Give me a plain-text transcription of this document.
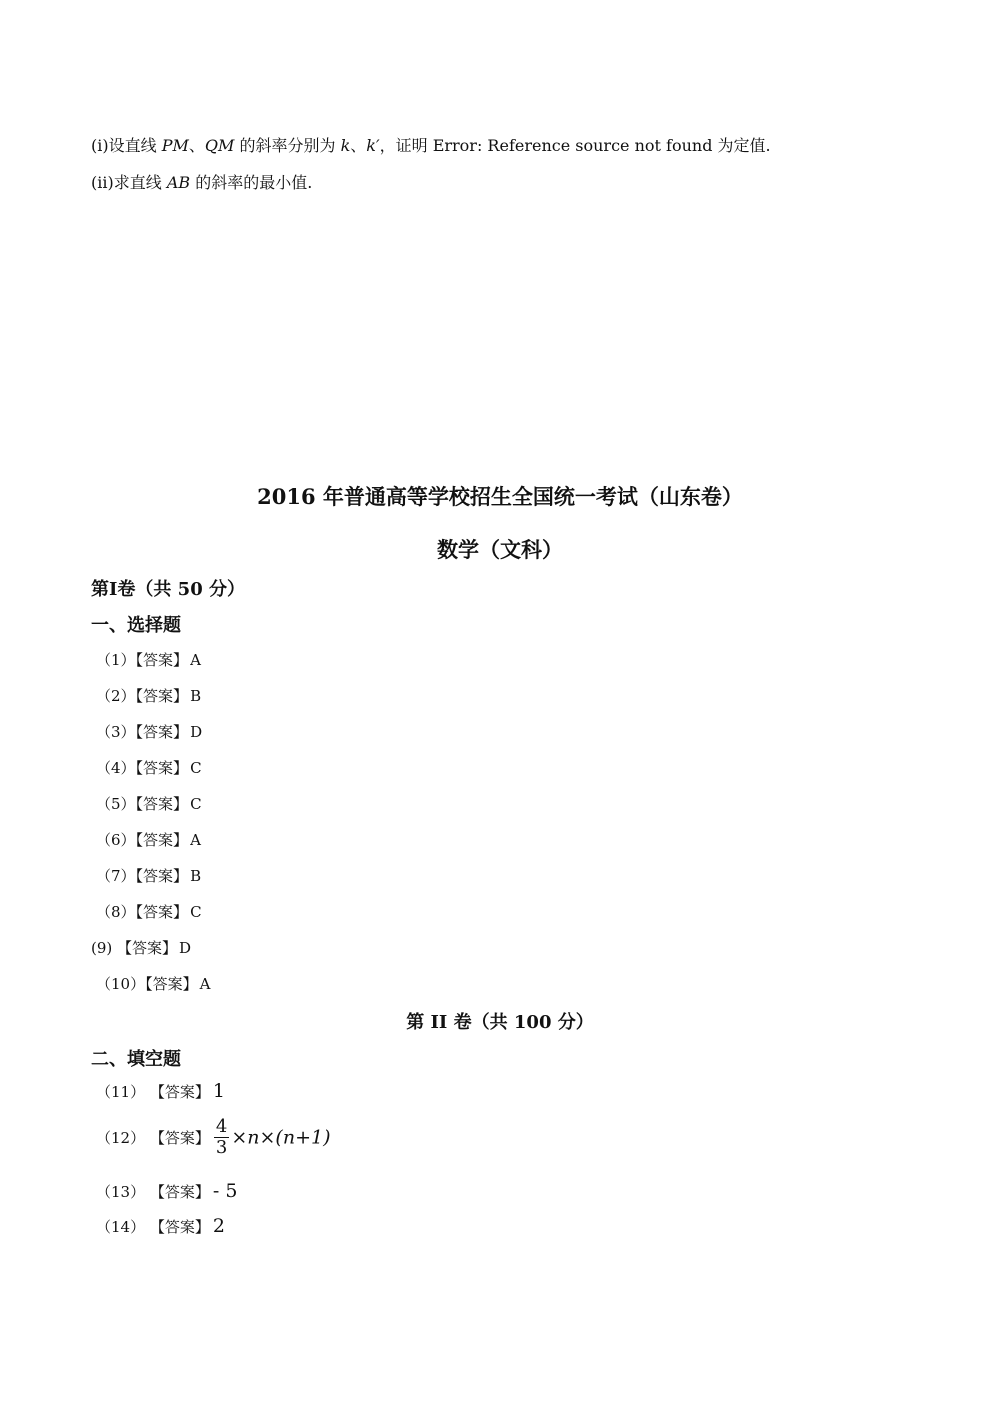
(i)设直线 PM、QM 的斜率分别为 k、k′，证明 Error: Reference source not found 为定值.
(ii)求直线 AB 的斜率的最小值.
2016 年普通高等学校招生全国统一考试（山东卷）
数学（文科）
第Ⅰ卷（共 50 分）
一、选择题
（1）【答案】 A
（2）【答案】 B
（3）【答案】 D
（4）【答案】 C
（5）【答案】 C
（6）【答案】 A
（7）【答案】 B
（8）【答案】 C
(9) 【答案】 D
（10）【答案】 A
第 II 卷（共 100 分）
二、填空题
（11） 【答案】 1
（12） 【答案】 $\frac{4}{3} \times n\times(n+1)$
（13） 【答案】 - 5
（14） 【答案】 2
